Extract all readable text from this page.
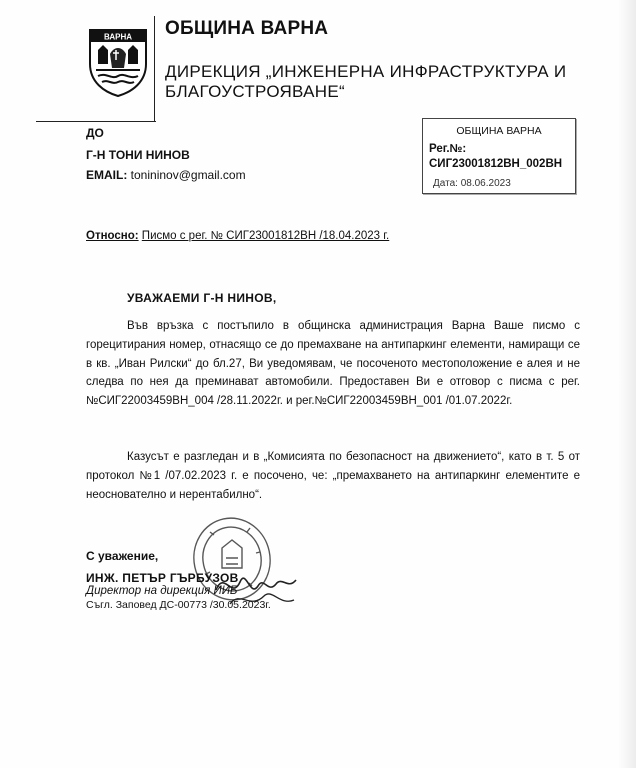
ВАРНА ОБЩИНА ВАРНА
ДИРЕКЦИЯ „ИНЖЕНЕРНА ИНФРАСТРУКТУРА И
БЛАГОУСТРОЯВАНЕ“
ДО
Г-Н ТОНИ НИНОВ
EMAIL: toninіnov@gmail.com
ОБЩИНА ВАРНА
Рег.№:
СИГ23001812ВН_002ВН
Дата: 08.06.2023
Относно: Писмо с рег. № СИГ23001812ВН /18.04.2023 г.
УВАЖАЕМИ Г-Н НИНОВ,
Във връзка с постъпило в общинска администрация Варна Ваше писмо с горецитирания номер, отнасящо се до премахване на антипаркинг елементи, намиращи се в кв. „Иван Рилски“ до бл.27, Ви уведомявам, че посоченото местоположение е алея и не следва по нея да преминават автомобили. Предоставен Ви е отговор с писма с рег.№СИГ22003459ВН_004 /28.11.2022г. и рег.№СИГ22003459ВН_001 /01.07.2022г.
Казусът е разгледан и в „Комисията по безопасност на движението“, като в т. 5 от протокол №1 /07.02.2023 г. е посочено, че: „премахването на антипаркинг елементите е неоснователно и нерентабилно“.
С уважение,
ИНЖ. ПЕТЪР ГЪРБУЗОВ
Директор на дирекция ИИБ
Съгл. Заповед ДС-00773 /30.05.2023г.
